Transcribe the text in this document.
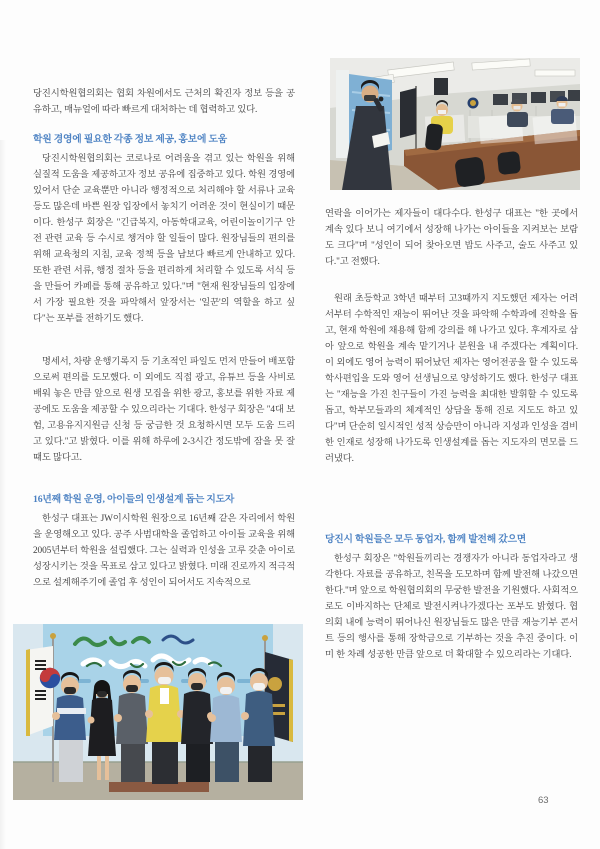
당진시학원협의회는 협회 차원에서도 근처의 확진자 정보 등을 공유하고, 매뉴얼에 따라 빠르게 대처하는 데 협력하고 있다.
학원 경영에 필요한 각종 정보 제공, 홍보에 도움
당진시학원협의회는 코로나로 어려움을 겪고 있는 학원을 위해 실질적 도움을 제공하고자 정보 공유에 집중하고 있다. 학원 경영에 있어서 단순 교육뿐만 아니라 행정적으로 처리해야 할 서류나 교육 등도 많은데 바쁜 원장 입장에서 놓치기 어려운 것이 현실이기 때문이다. 한성구 회장은 "긴급복지, 아동학대교육, 어린이놀이기구 안전 관련 교육 등 수시로 챙겨야 할 일들이 많다. 원장님들의 편의를 위해 교육청의 지침, 교육 정책 등을 남보다 빠르게 안내하고 있다. 또한 관련 서류, 행정 절차 등을 편리하게 처리할 수 있도록 서식 등을 만들어 카페를 통해 공유하고 있다."며 "현재 원장님들의 입장에서 가장 필요한 것을 파악해서 앞장서는 '일꾼'의 역할을 하고 싶다"는 포부를 전하기도 했다.
명세서, 차량 운행기록지 등 기초적인 파일도 먼저 만들어 배포함으로써 편의를 도모했다. 이 외에도 직접 광고, 유튜브 등을 사비로 배워 놓은 만큼 앞으로 원생 모집을 위한 광고, 홍보를 위한 자료 제공에도 도움을 제공할 수 있으리라는 기대다. 한성구 회장은 "4대 보험, 고용유지지원금 신청 등 궁금한 것 요청하시면 모두 도움 드리고 있다."고 밝혔다. 이를 위해 하루에 2-3시간 정도밖에 잠을 못 잘 때도 많다고.
16년째 학원 운영, 아이들의 인생설계 돕는 지도자
한성구 대표는 JW이시학원 원장으로 16년째 같은 자리에서 학원을 운영해오고 있다. 공주 사범대학을 졸업하고 아이들 교육을 위해 2005년부터 학원을 설립했다. 그는 실력과 인성을 고루 갖춘 아이로 성장시키는 것을 목표로 삼고 있다고 밝혔다. 미래 진로까지 적극적으로 설계해주기에 졸업 후 성인이 되어서도 지속적으로
연락을 이어가는 제자들이 대다수다. 한성구 대표는 "한 곳에서 계속 있다 보니 여기에서 성장해 나가는 아이들을 지켜보는 보람도 크다"며 "성인이 되어 찾아오면 밥도 사주고, 술도 사주고 있다."고 전했다.
원래 초등학교 3학년 때부터 고3때까지 지도했던 제자는 어려서부터 수학적인 재능이 뛰어난 것을 파악해 수학과에 진학을 돕고, 현재 학원에 채용해 함께 강의를 해 나가고 있다. 후계자로 삼아 앞으로 학원을 계속 맡기거나 분원을 내 주겠다는 계획이다. 이 외에도 영어 능력이 뛰어났던 제자는 영어전공을 할 수 있도록 학사편입을 도와 영어 선생님으로 양성하기도 했다. 한성구 대표는 "재능을 가진 친구들이 가진 능력을 최대한 발휘할 수 있도록 돕고, 학부모들과의 체계적인 상담을 통해 진로 지도도 하고 있다"며 단순히 일시적인 성적 상승만이 아니라 지성과 인성을 겸비한 인재로 성장해 나가도록 인생설계를 돕는 지도자의 면모를 드러냈다.
당진시 학원들은 모두 동업자, 함께 발전해 갔으면
한성구 회장은 "학원들끼리는 경쟁자가 아니라 동업자라고 생각한다. 자료를 공유하고, 친목을 도모하며 함께 발전해 나갔으면 한다."며 앞으로 학원협의회의 무궁한 발전을 기원했다. 사회적으로도 이바지하는 단체로 발전시켜나가겠다는 포부도 밝혔다. 협의회 내에 능력이 뛰어나신 원장님들도 많은 만큼 재능기부 콘서트 등의 행사를 통해 장학금으로 기부하는 것을 추진 중이다. 이미 한 차례 성공한 만큼 앞으로 더 확대할 수 있으리라는 기대다.
63
